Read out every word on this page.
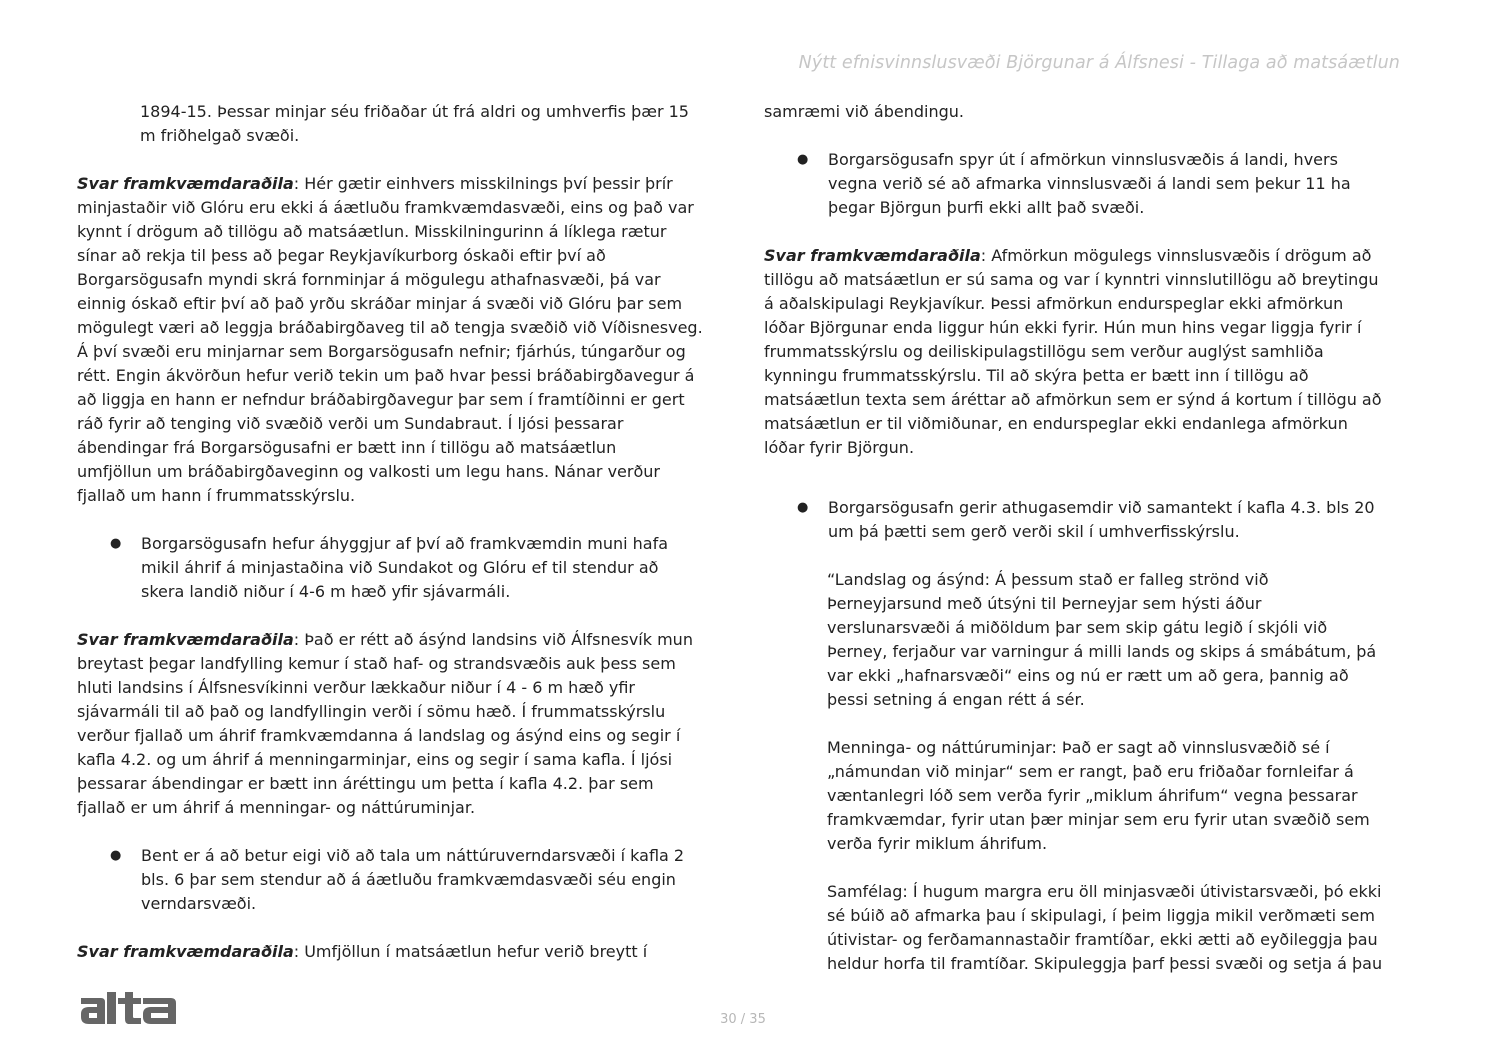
Nýtt efnisvinnslusvæði Björgunar á Álfsnesi - Tillaga að matsáætlun

1894-15. Þessar minjar séu friðaðar út frá aldri og umhverfis þær 15

m friðhelgað svæði.

Svar framkvæmdaraðila: Hér gætir einhvers misskilnings því þessir þrír

minjastaðir við Glóru eru ekki á áætluðu framkvæmdasvæði, eins og það var

kynnt í drögum að tillögu að matsáætlun. Misskilningurinn á líklega rætur

sínar að rekja til þess að þegar Reykjavíkurborg óskaði eftir því að

Borgarsögusafn myndi skrá fornminjar á mögulegu athafnasvæði, þá var

einnig óskað eftir því að það yrðu skráðar minjar á svæði við Glóru þar sem

mögulegt væri að leggja bráðabirgðaveg til að tengja svæðið við Víðisnesveg.

Á því svæði eru minjarnar sem Borgarsögusafn nefnir; fjárhús, túngarður og

rétt. Engin ákvörðun hefur verið tekin um það hvar þessi bráðabirgðavegur á

að liggja en hann er nefndur bráðabirgðavegur þar sem í framtíðinni er gert

ráð fyrir að tenging við svæðið verði um Sundabraut. Í ljósi þessarar

ábendingar frá Borgarsögusafni er bætt inn í tillögu að matsáætlun

umfjöllun um bráðabirgðaveginn og valkosti um legu hans. Nánar verður

fjallað um hann í frummatsskýrslu.

● Borgarsögusafn hefur áhyggjur af því að framkvæmdin muni hafa

mikil áhrif á minjastaðina við Sundakot og Glóru ef til stendur að

skera landið niður í 4-6 m hæð yfir sjávarmáli.

Svar framkvæmdaraðila: Það er rétt að ásýnd landsins við Álfsnesvík mun

breytast þegar landfylling kemur í stað haf- og strandsvæðis auk þess sem

hluti landsins í Álfsnesvíkinni verður lækkaður niður í 4 - 6 m hæð yfir

sjávarmáli til að það og landfyllingin verði í sömu hæð. Í frummatsskýrslu

verður fjallað um áhrif framkvæmdanna á landslag og ásýnd eins og segir í

kafla 4.2. og um áhrif á menningarminjar, eins og segir í sama kafla. Í ljósi

þessarar ábendingar er bætt inn áréttingu um þetta í kafla 4.2. þar sem

fjallað er um áhrif á menningar- og náttúruminjar.

● Bent er á að betur eigi við að tala um náttúruverndarsvæði í kafla 2

bls. 6 þar sem stendur að á áætluðu framkvæmdasvæði séu engin

verndarsvæði.

Svar framkvæmdaraðila: Umfjöllun í matsáætlun hefur verið breytt í

samræmi við ábendingu.

● Borgarsögusafn spyr út í afmörkun vinnslusvæðis á landi, hvers

vegna verið sé að afmarka vinnslusvæði á landi sem þekur 11 ha

þegar Björgun þurfi ekki allt það svæði.

Svar framkvæmdaraðila: Afmörkun mögulegs vinnslusvæðis í drögum að

tillögu að matsáætlun er sú sama og var í kynntri vinnslutillögu að breytingu

á aðalskipulagi Reykjavíkur. Þessi afmörkun endurspeglar ekki afmörkun

lóðar Björgunar enda liggur hún ekki fyrir. Hún mun hins vegar liggja fyrir í

frummatsskýrslu og deiliskipulagstillögu sem verður auglýst samhliða

kynningu frummatsskýrslu. Til að skýra þetta er bætt inn í tillögu að

matsáætlun texta sem áréttar að afmörkun sem er sýnd á kortum í tillögu að

matsáætlun er til viðmiðunar, en endurspeglar ekki endanlega afmörkun

lóðar fyrir Björgun.

● Borgarsögusafn gerir athugasemdir við samantekt í kafla 4.3. bls 20

um þá þætti sem gerð verði skil í umhverfisskýrslu.

“Landslag og ásýnd: Á þessum stað er falleg strönd við

Þerneyjarsund með útsýni til Þerneyjar sem hýsti áður

verslunarsvæði á miðöldum þar sem skip gátu legið í skjóli við

Þerney, ferjaður var varningur á milli lands og skips á smábátum, þá

var ekki „hafnarsvæði“ eins og nú er rætt um að gera, þannig að

þessi setning á engan rétt á sér.

Menninga- og náttúruminjar: Það er sagt að vinnslusvæðið sé í

„námundan við minjar“ sem er rangt, það eru friðaðar fornleifar á

væntanlegri lóð sem verða fyrir „miklum áhrifum“ vegna þessarar

framkvæmdar, fyrir utan þær minjar sem eru fyrir utan svæðið sem

verða fyrir miklum áhrifum.

Samfélag: Í hugum margra eru öll minjasvæði útivistarsvæði, þó ekki

sé búið að afmarka þau í skipulagi, í þeim liggja mikil verðmæti sem

útivistar- og ferðamannastaðir framtíðar, ekki ætti að eyðileggja þau

heldur horfa til framtíðar. Skipuleggja þarf þessi svæði og setja á þau

30 / 35
